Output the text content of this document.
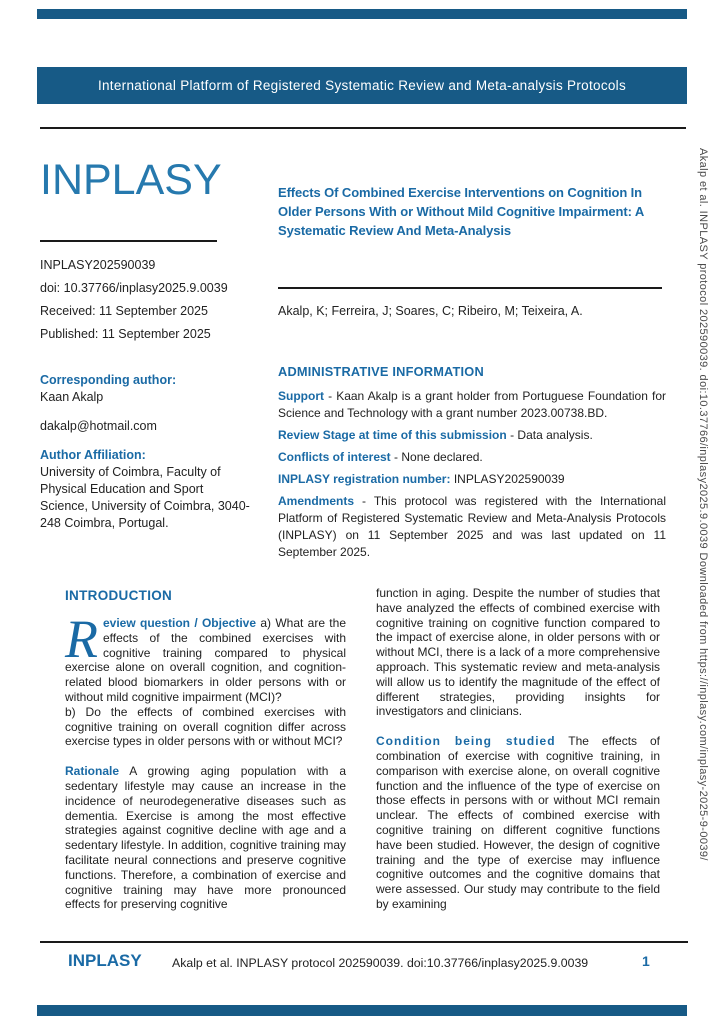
International Platform of Registered Systematic Review and Meta-analysis Protocols
INPLASY
INPLASY202590039
doi: 10.37766/inplasy2025.9.0039
Received: 11 September 2025
Published: 11 September 2025
Corresponding author:
Kaan Akalp
dakalp@hotmail.com
Author Affiliation:
University of Coimbra, Faculty of Physical Education and Sport Science, University of Coimbra, 3040-248 Coimbra, Portugal.
Effects Of Combined Exercise Interventions on Cognition In Older Persons With or Without Mild Cognitive Impairment: A Systematic Review And Meta-Analysis
Akalp, K; Ferreira, J; Soares, C; Ribeiro, M; Teixeira, A.
ADMINISTRATIVE INFORMATION

Support - Kaan Akalp is a grant holder from Portuguese Foundation for Science and Technology with a grant number 2023.00738.BD.

Review Stage at time of this submission - Data analysis.

Conflicts of interest - None declared.

INPLASY registration number: INPLASY202590039

Amendments - This protocol was registered with the International Platform of Registered Systematic Review and Meta-Analysis Protocols (INPLASY) on 11 September 2025 and was last updated on 11 September 2025.

INTRODUCTION

Review question / Objective a) What are the effects of the combined exercises with cognitive training compared to physical exercise alone on overall cognition, and cognition-related blood biomarkers in older persons with or without mild cognitive impairment (MCI)?

b) Do the effects of combined exercises with cognitive training on overall cognition differ across exercise types in older persons with or without MCI?

Rationale A growing aging population with a sedentary lifestyle may cause an increase in the incidence of neurodegenerative diseases such as dementia. Exercise is among the most effective strategies against cognitive decline with age and a sedentary lifestyle. In addition, cognitive training may facilitate neural connections and preserve cognitive functions. Therefore, a combination of exercise and cognitive training may have more pronounced effects for preserving cognitive

function in aging. Despite the number of studies that have analyzed the effects of combined exercise with cognitive training on cognitive function compared to the impact of exercise alone, in older persons with or without MCI, there is a lack of a more comprehensive approach. This systematic review and meta-analysis will allow us to identify the magnitude of the effect of different strategies, providing insights for investigators and clinicians.

Condition being studied The effects of combination of exercise with cognitive training, in comparison with exercise alone, on overall cognitive function and the influence of the type of exercise on those effects in persons with or without MCI remain unclear. The effects of combined exercise with cognitive training on different cognitive functions have been studied. However, the design of cognitive training and the type of exercise may influence cognitive outcomes and the cognitive domains that were assessed. Our study may contribute to the field by examining

INPLASY Akalp et al. INPLASY protocol 202590039. doi:10.37766/inplasy2025.9.0039	1
Akalp et al. INPLASY protocol 202590039. doi:10.37766/inplasy2025.9.0039 Downloaded from https://inplasy.com/inplasy-2025-9-0039/
